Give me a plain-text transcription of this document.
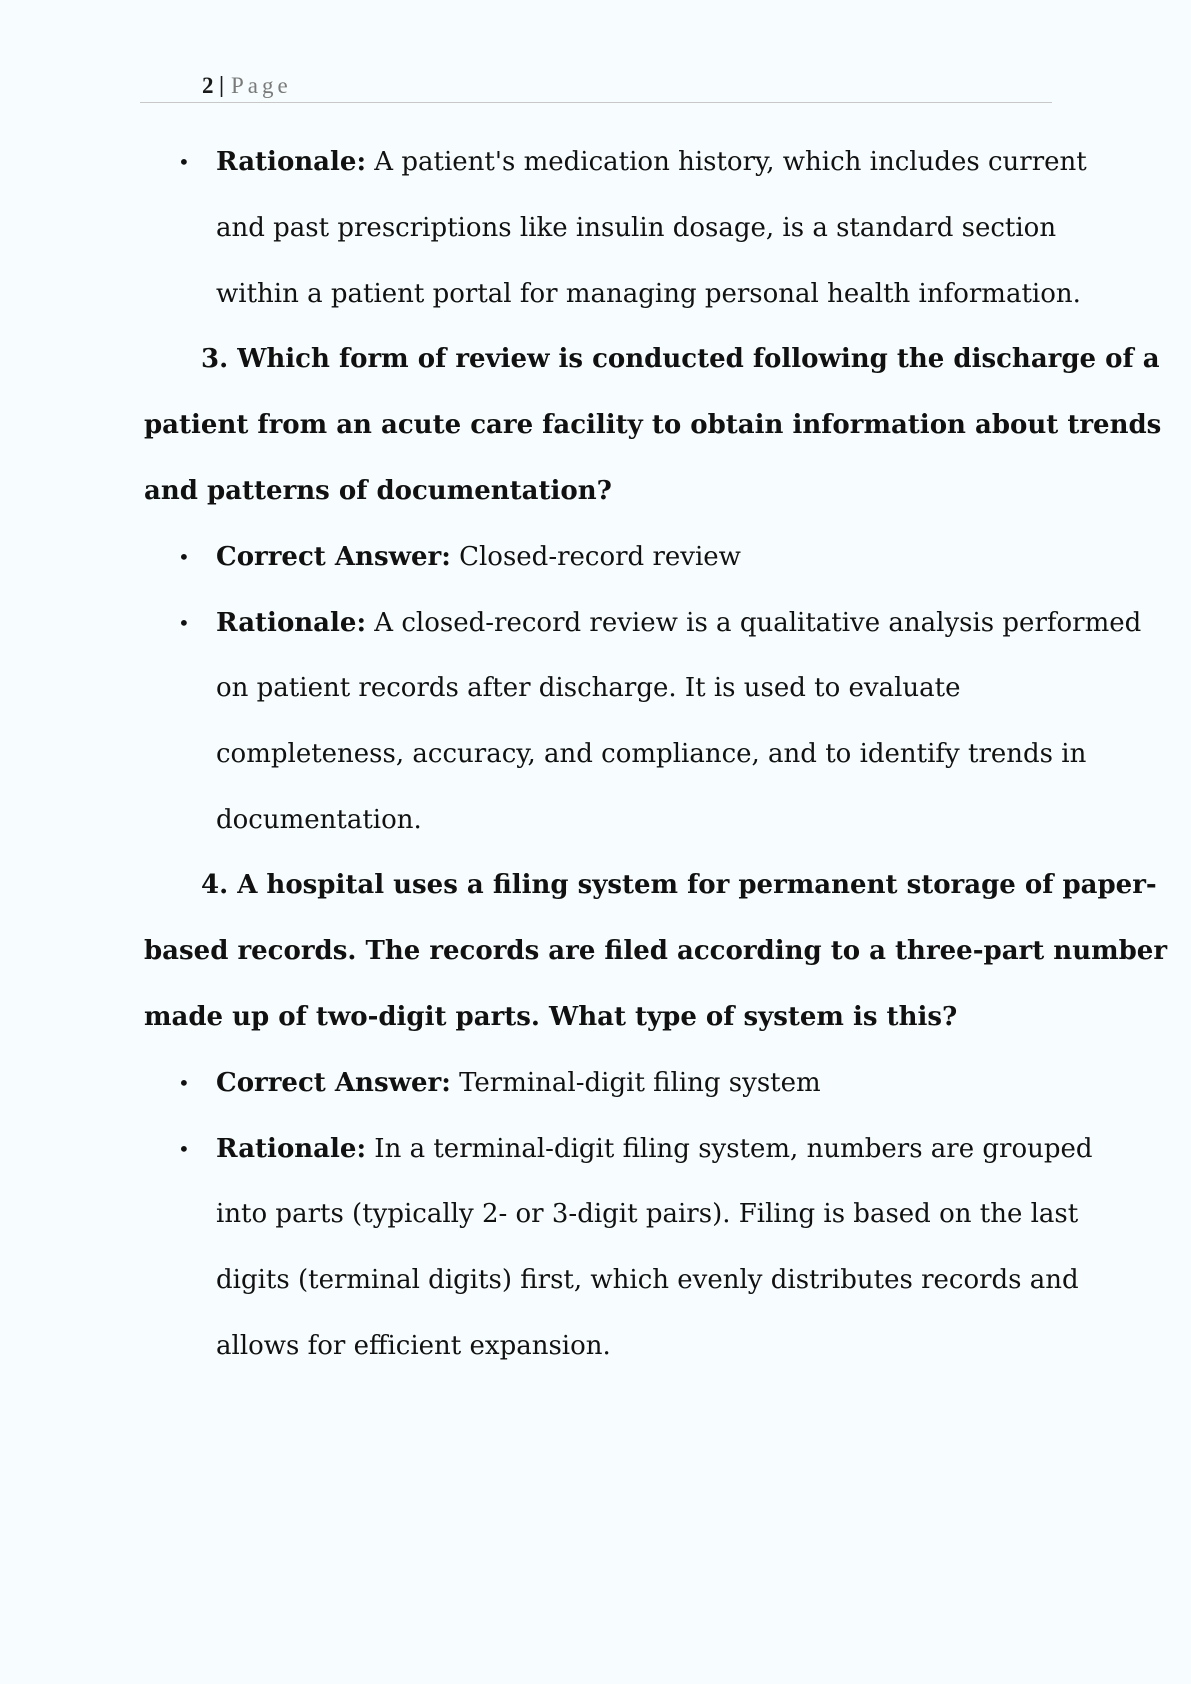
2 | Page
• Rationale: A patient's medication history, which includes current
and past prescriptions like insulin dosage, is a standard section
within a patient portal for managing personal health information.
3. Which form of review is conducted following the discharge of a
patient from an acute care facility to obtain information about trends
and patterns of documentation?
• Correct Answer: Closed-record review
• Rationale: A closed-record review is a qualitative analysis performed
on patient records after discharge. It is used to evaluate
completeness, accuracy, and compliance, and to identify trends in
documentation.
4. A hospital uses a filing system for permanent storage of paper-
based records. The records are filed according to a three-part number
made up of two-digit parts. What type of system is this?
• Correct Answer: Terminal-digit filing system
• Rationale: In a terminal-digit filing system, numbers are grouped
into parts (typically 2- or 3-digit pairs). Filing is based on the last
digits (terminal digits) first, which evenly distributes records and
allows for efficient expansion.
